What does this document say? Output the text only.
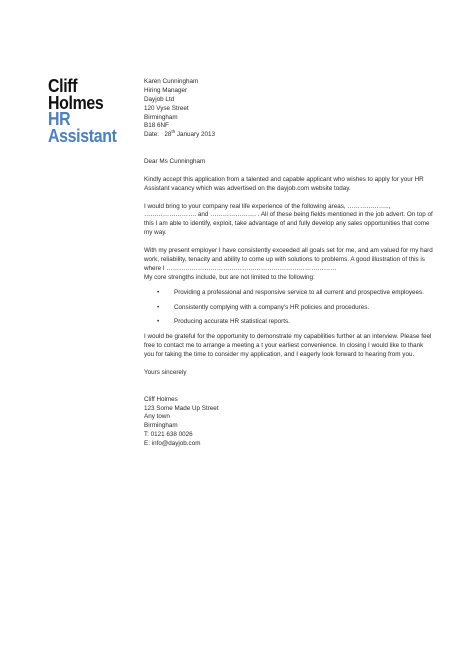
Cliff
Holmes
HR
Assistant
Karen Cunningham
Hiring Manager
Dayjob Ltd
120 Vyse Street
Birmingham
B18 6NF

Date: 28th January 2013

Dear Ms Cunningham

Kindly accept this application from a talented and capable applicant who wishes to apply for your HR Assistant vacancy which was advertised on the dayjob.com website today.

I would bring to your company real life experience of the following areas, ……………….., ……………………. and …………………. . All of these being fields mentioned in the job advert. On top of this I am able to identify, exploit, take advantage of and fully develop any sales opportunities that come my way.

With my present employer I have consistently exceeded all goals set for me, and am valued for my hard work, reliability, tenacity and ability to come up with solutions to problems. A good illustration of this is where I ………………………………………………………………………

My core strengths include, but are not limited to the following:

• Providing a professional and responsive service to all current and prospective employees.
• Consistently complying with a company's HR policies and procedures.
• Producing accurate HR statistical reports.

I would be grateful for the opportunity to demonstrate my capabilities further at an interview. Please feel free to contact me to arrange a meeting a t your earliest convenience. In closing I would like to thank you for taking the time to consider my application, and I eagerly look forward to hearing from you.

Yours sincerely

Cliff Holmes
123 Some Made Up Street
Any town
Birmingham
T: 0121 638 0026
E: info@dayjob.com
